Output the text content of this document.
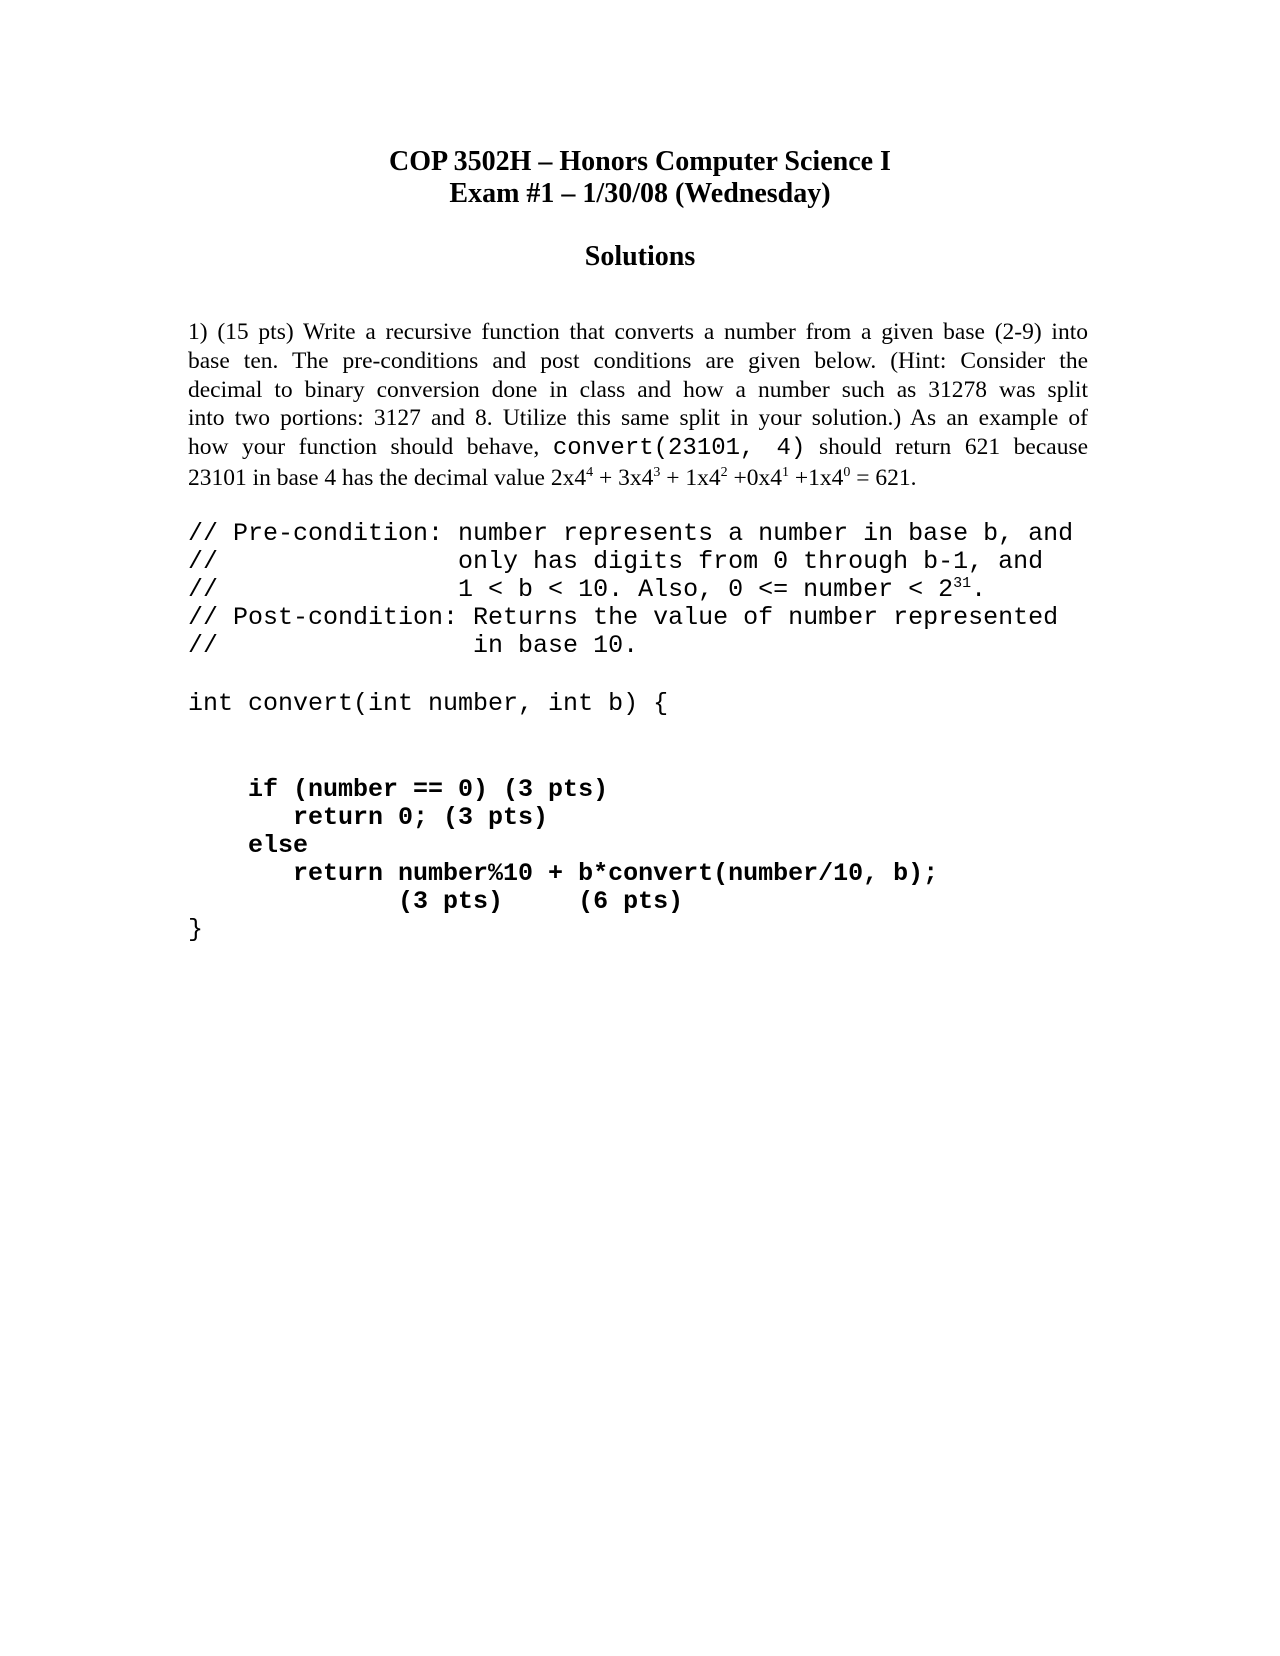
COP 3502H – Honors Computer Science I
Exam #1 – 1/30/08 (Wednesday)
Solutions
1) (15 pts) Write a recursive function that converts a number from a given base (2-9) into
base ten. The pre-conditions and post conditions are given below. (Hint: Consider the
decimal to binary conversion done in class and how a number such as 31278 was split
into two portions: 3127 and 8. Utilize this same split in your solution.) As an example of
how your function should behave, convert(23101, 4) should return 621 because
23101 in base 4 has the decimal value $2x4^4 + 3x4^3 + 1x4^2 +0x4^1 +1x4^0 = 621$.
// Pre-condition: number represents a number in base b, and
//                only has digits from 0 through b-1, and
//                1 < b < 10. Also, 0 <= number < $2^{31}$.
// Post-condition: Returns the value of number represented
//                 in base 10.
int convert(int number, int b) {
if (number == 0) (3 pts)
return 0; (3 pts)
else
return number%10 + b*convert(number/10, b);
(3 pts)     (6 pts)
}
